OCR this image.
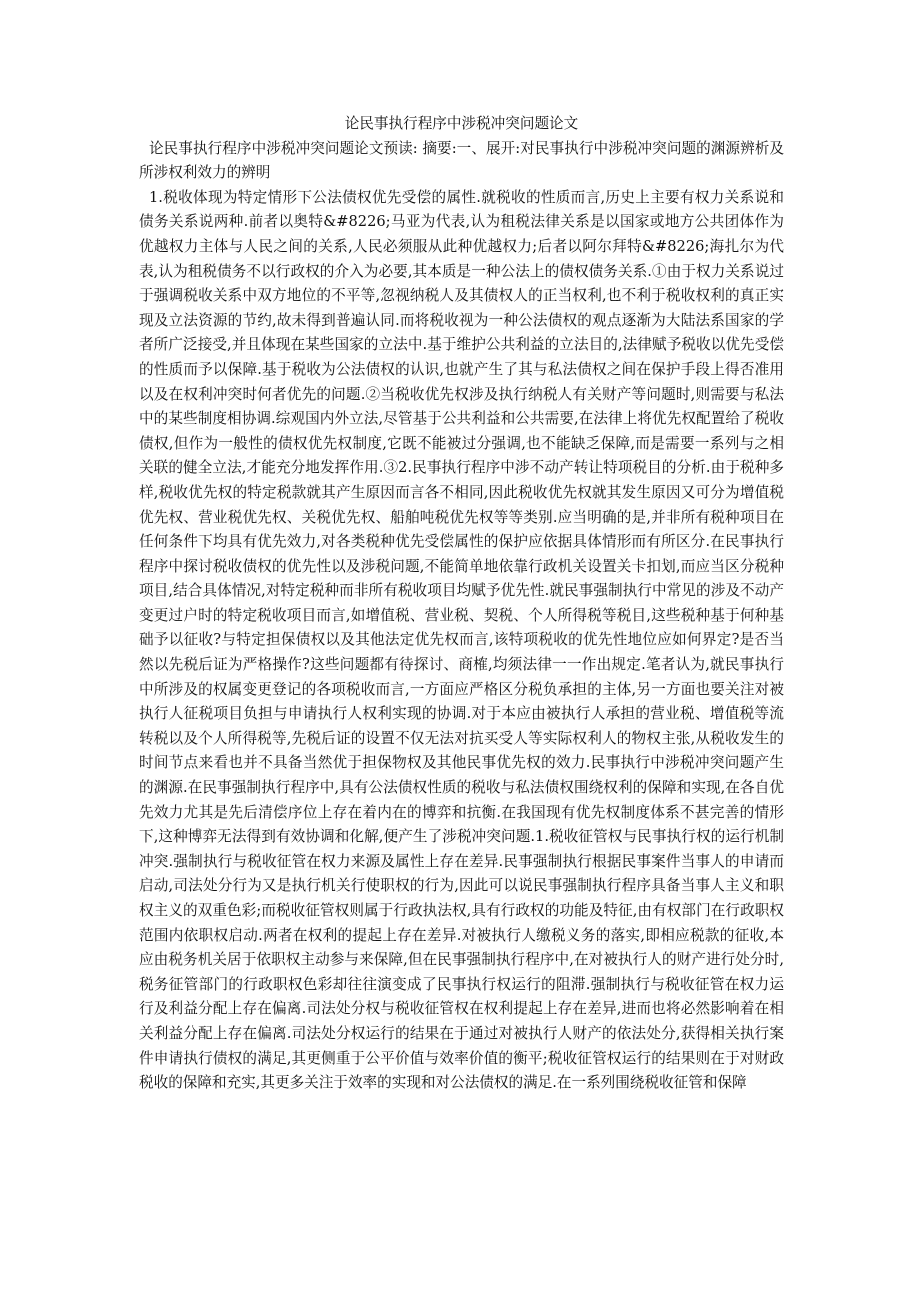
论民事执行程序中涉税冲突问题论文

论民事执行程序中涉税冲突问题论文预读: 摘要:一、展开:对民事执行中涉税冲突问题的渊源辨析及所涉权利效力的辨明

1.税收体现为特定情形下公法债权优先受偿的属性.就税收的性质而言,历史上主要有权力关系说和债务关系说两种.前者以奥特&#8226;马亚为代表,认为租税法律关系是以国家或地方公共团体作为优越权力主体与人民之间的关系,人民必须服从此种优越权力;后者以阿尔拜特&#8226;海扎尔为代表,认为租税债务不以行政权的介入为必要,其本质是一种公法上的债权债务关系.①由于权力关系说过于强调税收关系中双方地位的不平等,忽视纳税人及其债权人的正当权利,也不利于税收权利的真正实现及立法资源的节约,故未得到普遍认同.而将税收视为一种公法债权的观点逐渐为大陆法系国家的学者所广泛接受,并且体现在某些国家的立法中.基于维护公共利益的立法目的,法律赋予税收以优先受偿的性质而予以保障.基于税收为公法债权的认识,也就产生了其与私法债权之间在保护手段上得否准用以及在权利冲突时何者优先的问题.②当税收优先权涉及执行纳税人有关财产等问题时,则需要与私法中的某些制度相协调.综观国内外立法,尽管基于公共利益和公共需要,在法律上将优先权配置给了税收债权,但作为一般性的债权优先权制度,它既不能被过分强调,也不能缺乏保障,而是需要一系列与之相关联的健全立法,才能充分地发挥作用.③2.民事执行程序中涉不动产转让特项税目的分析.由于税种多样,税收优先权的特定税款就其产生原因而言各不相同,因此税收优先权就其发生原因又可分为增值税优先权、营业税优先权、关税优先权、船舶吨税优先权等等类别.应当明确的是,并非所有税种项目在任何条件下均具有优先效力,对各类税种优先受偿属性的保护应依据具体情形而有所区分.在民事执行程序中探讨税收债权的优先性以及涉税问题,不能简单地依靠行政机关设置关卡扣划,而应当区分税种项目,结合具体情况,对特定税种而非所有税收项目均赋予优先性.就民事强制执行中常见的涉及不动产变更过户时的特定税收项目而言,如增值税、营业税、契税、个人所得税等税目,这些税种基于何种基础予以征收?与特定担保债权以及其他法定优先权而言,该特项税收的优先性地位应如何界定?是否当然以先税后证为严格操作?这些问题都有待探讨、商榷,均须法律一一作出规定.笔者认为,就民事执行中所涉及的权属变更登记的各项税收而言,一方面应严格区分税负承担的主体,另一方面也要关注对被执行人征税项目负担与申请执行人权利实现的协调.对于本应由被执行人承担的营业税、增值税等流转税以及个人所得税等,先税后证的设置不仅无法对抗买受人等实际权利人的物权主张,从税收发生的时间节点来看也并不具备当然优于担保物权及其他民事优先权的效力.民事执行中涉税冲突问题产生的渊源.在民事强制执行程序中,具有公法债权性质的税收与私法债权围绕权利的保障和实现,在各自优先效力尤其是先后清偿序位上存在着内在的博弈和抗衡.在我国现有优先权制度体系不甚完善的情形下,这种博弈无法得到有效协调和化解,便产生了涉税冲突问题.1.税收征管权与民事执行权的运行机制冲突.强制执行与税收征管在权力来源及属性上存在差异.民事强制执行根据民事案件当事人的申请而启动,司法处分行为又是执行机关行使职权的行为,因此可以说民事强制执行程序具备当事人主义和职权主义的双重色彩;而税收征管权则属于行政执法权,具有行政权的功能及特征,由有权部门在行政职权范围内依职权启动.两者在权利的提起上存在差异.对被执行人缴税义务的落实,即相应税款的征收,本应由税务机关居于依职权主动参与来保障,但在民事强制执行程序中,在对被执行人的财产进行处分时,税务征管部门的行政职权色彩却往往演变成了民事执行权运行的阻滞.强制执行与税收征管在权力运行及利益分配上存在偏离.司法处分权与税收征管权在权利提起上存在差异,进而也将必然影响着在相关利益分配上存在偏离.司法处分权运行的结果在于通过对被执行人财产的依法处分,获得相关执行案件申请执行债权的满足,其更侧重于公平价值与效率价值的衡平;税收征管权运行的结果则在于对财政税收的保障和充实,其更多关注于效率的实现和对公法债权的满足.在一系列围绕税收征管和保障
